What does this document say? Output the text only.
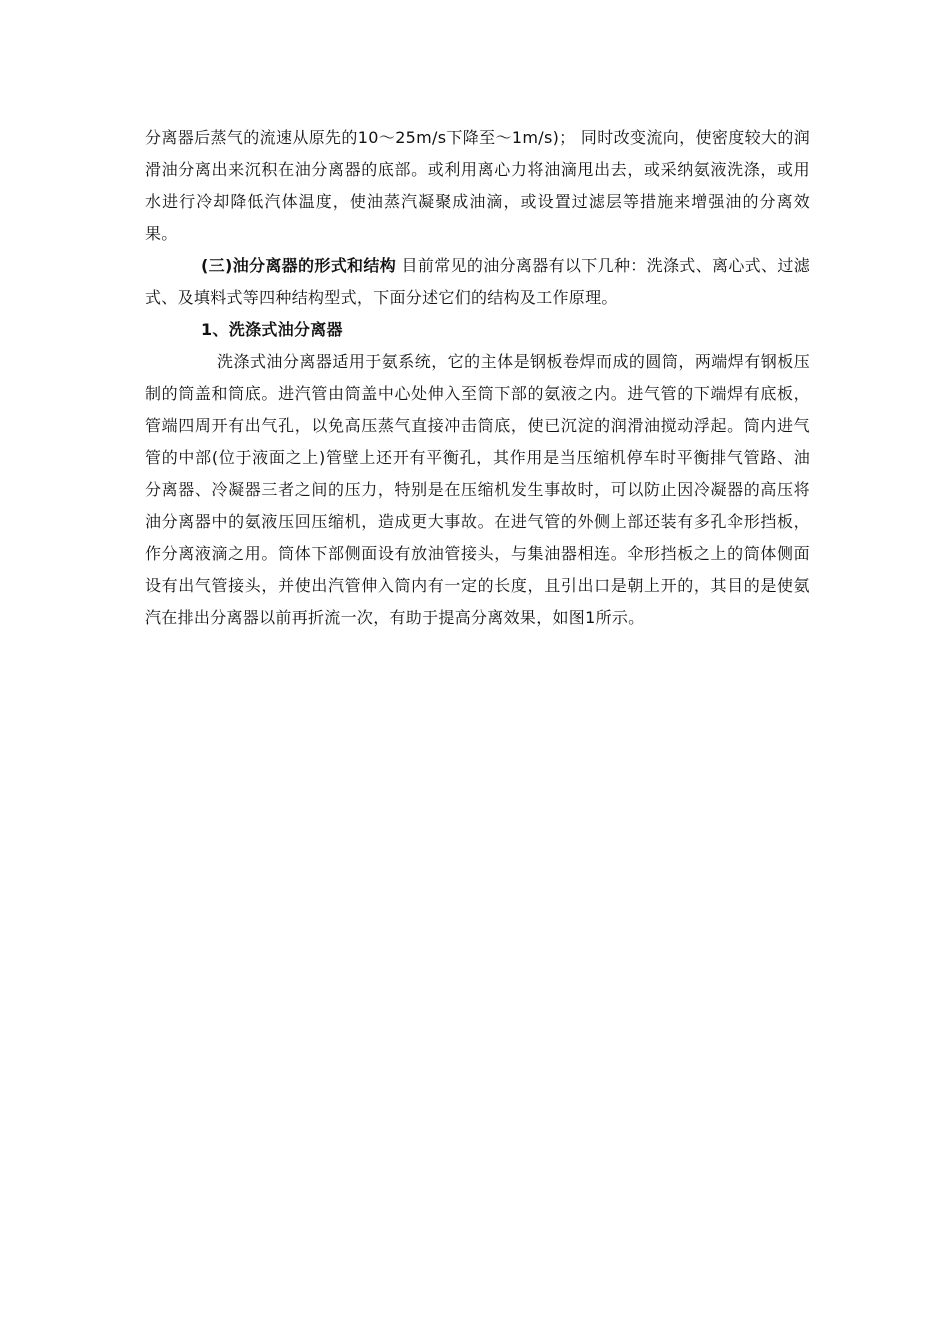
分离器后蒸气的流速从原先的10～25m/s下降至～1m/s)； 同时改变流向，使密度较大的润滑油分离出来沉积在油分离器的底部。或利用离心力将油滴甩出去，或采纳氨液洗涤，或用水进行冷却降低汽体温度，使油蒸汽凝聚成油滴，或设置过滤层等措施来增强油的分离效果。

(三)油分离器的形式和结构 目前常见的油分离器有以下几种：洗涤式、离心式、过滤式、及填料式等四种结构型式，下面分述它们的结构及工作原理。

1、洗涤式油分离器

洗涤式油分离器适用于氨系统，它的主体是钢板卷焊而成的圆筒，两端焊有钢板压制的筒盖和筒底。进汽管由筒盖中心处伸入至筒下部的氨液之内。进气管的下端焊有底板，管端四周开有出气孔，以免高压蒸气直接冲击筒底，使已沉淀的润滑油搅动浮起。筒内进气管的中部(位于液面之上)管壁上还开有平衡孔，其作用是当压缩机停车时平衡排气管路、油分离器、冷凝器三者之间的压力，特别是在压缩机发生事故时，可以防止因冷凝器的高压将油分离器中的氨液压回压缩机，造成更大事故。在进气管的外侧上部还装有多孔伞形挡板，作分离液滴之用。筒体下部侧面设有放油管接头，与集油器相连。伞形挡板之上的筒体侧面设有出气管接头，并使出汽管伸入筒内有一定的长度，且引出口是朝上开的，其目的是使氨汽在排出分离器以前再折流一次，有助于提高分离效果，如图1所示。
